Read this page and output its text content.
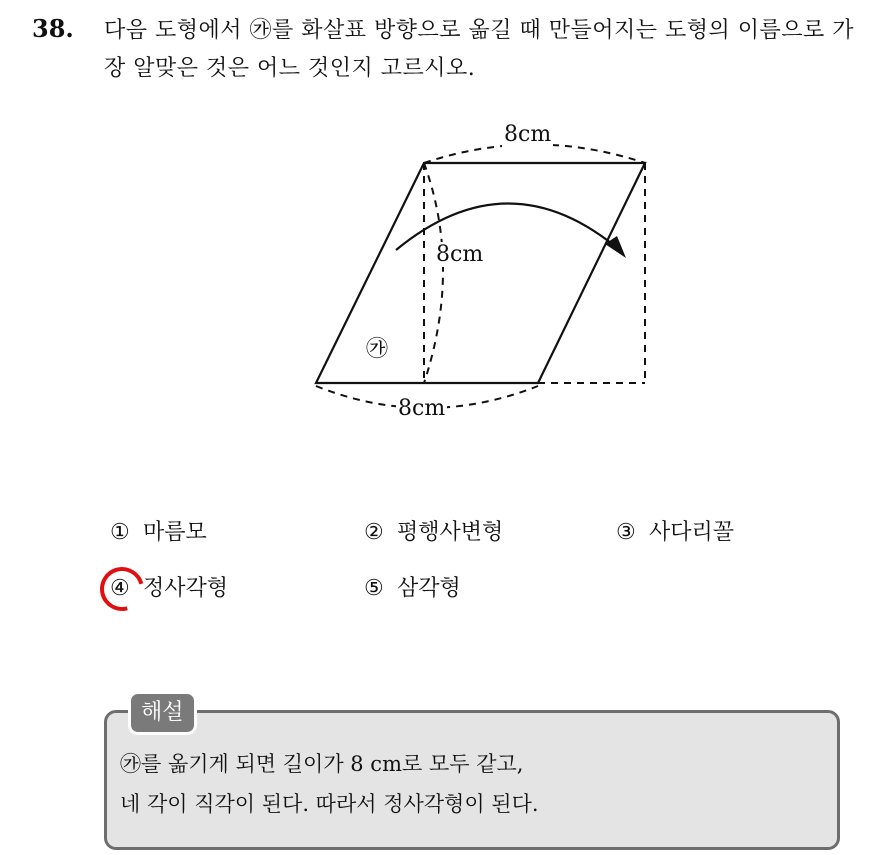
38. 다음 도형에서 ㉮를 화살표 방향으로 옮길 때 만들어지는 도형의 이름으로 가장 알맞은 것은 어느 것인지 고르시오.
8cm
8cm
8cm
㉮
① 마름모	② 평행사변형	③ 사다리꼴
④ 정사각형	⑤ 삼각형
해설
㉮를 옮기게 되면 길이가 8 cm로 모두 같고,
네 각이 직각이 된다. 따라서 정사각형이 된다.
